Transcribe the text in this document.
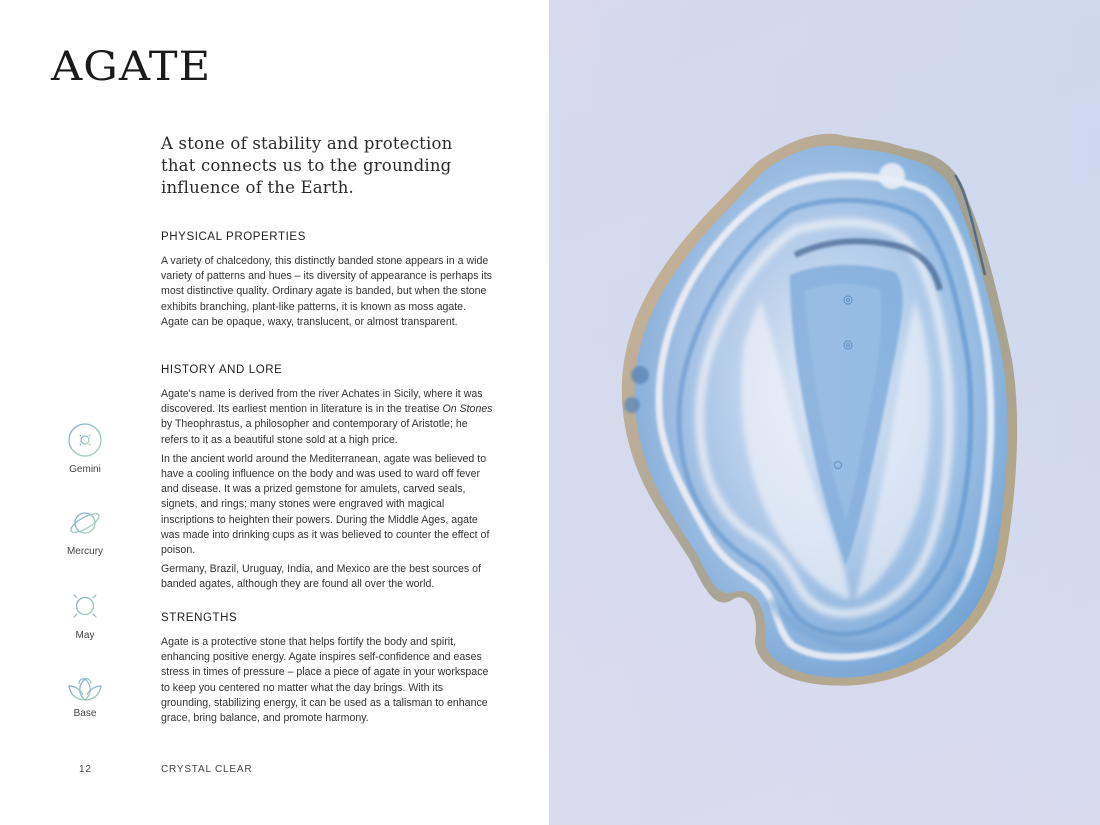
AGATE
A stone of stability and protection that connects us to the grounding influence of the Earth.
PHYSICAL PROPERTIES

A variety of chalcedony, this distinctly banded stone appears in a wide variety of patterns and hues – its diversity of appearance is perhaps its most distinctive quality. Ordinary agate is banded, but when the stone exhibits branching, plant-like patterns, it is known as moss agate. Agate can be opaque, waxy, translucent, or almost transparent.

HISTORY AND LORE

Agate's name is derived from the river Achates in Sicily, where it was discovered. Its earliest mention in literature is in the treatise On Stones by Theophrastus, a philosopher and contemporary of Aristotle; he refers to it as a beautiful stone sold at a high price.

In the ancient world around the Mediterranean, agate was believed to have a cooling influence on the body and was used to ward off fever and disease. It was a prized gemstone for amulets, carved seals, signets, and rings; many stones were engraved with magical inscriptions to heighten their powers. During the Middle Ages, agate was made into drinking cups as it was believed to counter the effect of poison.

Germany, Brazil, Uruguay, India, and Mexico are the best sources of banded agates, although they are found all over the world.

STRENGTHS

Agate is a protective stone that helps fortify the body and spirit, enhancing positive energy. Agate inspires self-confidence and eases stress in times of pressure – place a piece of agate in your workspace to keep you centered no matter what the day brings. With its grounding, stabilizing energy, it can be used as a talisman to enhance grace, bring balance, and promote harmony.

Gemini
Mercury
May
Base
12	CRYSTAL CLEAR
